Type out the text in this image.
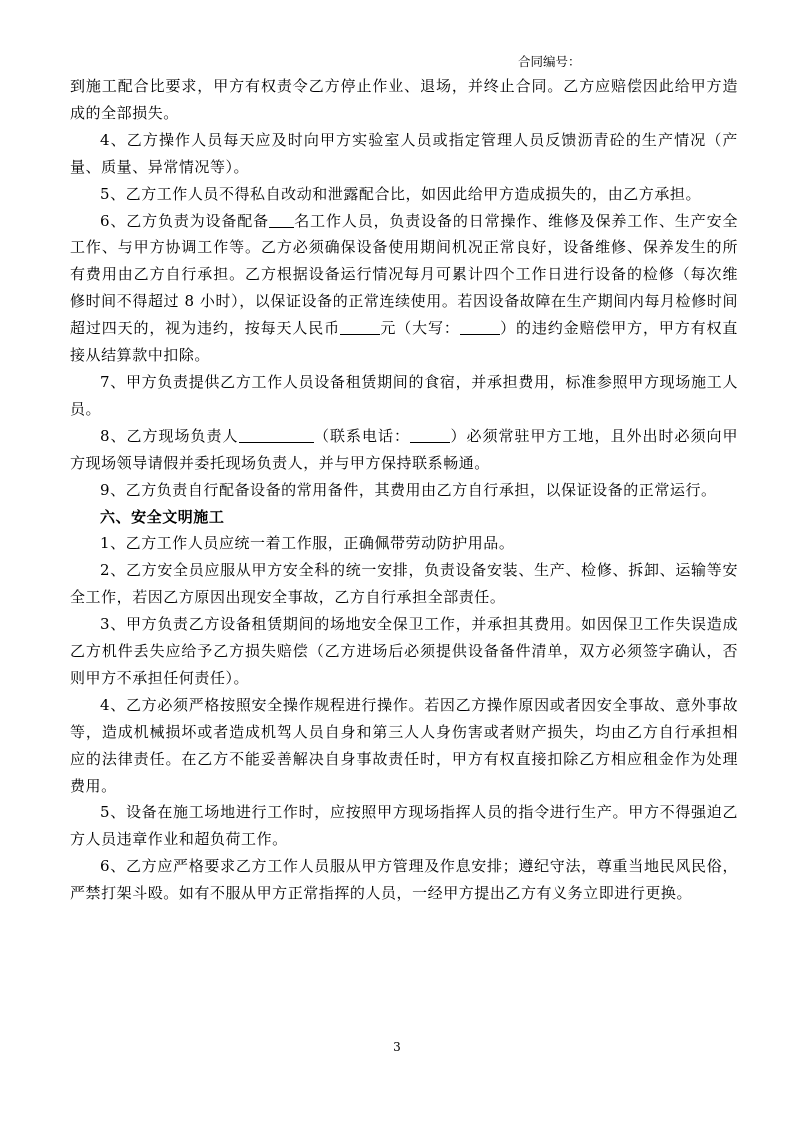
合同编号：

到施工配合比要求，甲方有权责令乙方停止作业、退场，并终止合同。乙方应赔偿因此给甲方造成的全部损失。

4、乙方操作人员每天应及时向甲方实验室人员或指定管理人员反馈沥青砼的生产情况（产量、质量、异常情况等）。

5、乙方工作人员不得私自改动和泄露配合比，如因此给甲方造成损失的，由乙方承担。

6、乙方负责为设备配备 名工作人员，负责设备的日常操作、维修及保养工作、生产安全工作、与甲方协调工作等。乙方必须确保设备使用期间机况正常良好，设备维修、保养发生的所有费用由乙方自行承担。乙方根据设备运行情况每月可累计四个工作日进行设备的检修（每次维修时间不得超过 8 小时），以保证设备的正常连续使用。若因设备故障在生产期间内每月检修时间超过四天的，视为违约，按每天人民币	元（大写：	）的违约金赔偿甲方，甲方有权直接从结算款中扣除。

7、甲方负责提供乙方工作人员设备租赁期间的食宿，并承担费用，标准参照甲方现场施工人员。

8、乙方现场负责人	（联系电话：	）必须常驻甲方工地，且外出时必须向甲方现场领导请假并委托现场负责人，并与甲方保持联系畅通。

9、乙方负责自行配备设备的常用备件，其费用由乙方自行承担，以保证设备的正常运行。

六、安全文明施工

1、乙方工作人员应统一着工作服，正确佩带劳动防护用品。

2、乙方安全员应服从甲方安全科的统一安排，负责设备安装、生产、检修、拆卸、运输等安全工作，若因乙方原因出现安全事故，乙方自行承担全部责任。

3、甲方负责乙方设备租赁期间的场地安全保卫工作，并承担其费用。如因保卫工作失误造成乙方机件丢失应给予乙方损失赔偿（乙方进场后必须提供设备备件清单，双方必须签字确认，否则甲方不承担任何责任）。

4、乙方必须严格按照安全操作规程进行操作。若因乙方操作原因或者因安全事故、意外事故等，造成机械损坏或者造成机驾人员自身和第三人人身伤害或者财产损失，均由乙方自行承担相应的法律责任。在乙方不能妥善解决自身事故责任时，甲方有权直接扣除乙方相应租金作为处理费用。

5、设备在施工场地进行工作时，应按照甲方现场指挥人员的指令进行生产。甲方不得强迫乙方人员违章作业和超负荷工作。

6、乙方应严格要求乙方工作人员服从甲方管理及作息安排；遵纪守法，尊重当地民风民俗，严禁打架斗殴。如有不服从甲方正常指挥的人员，一经甲方提出乙方有义务立即进行更换。

3
